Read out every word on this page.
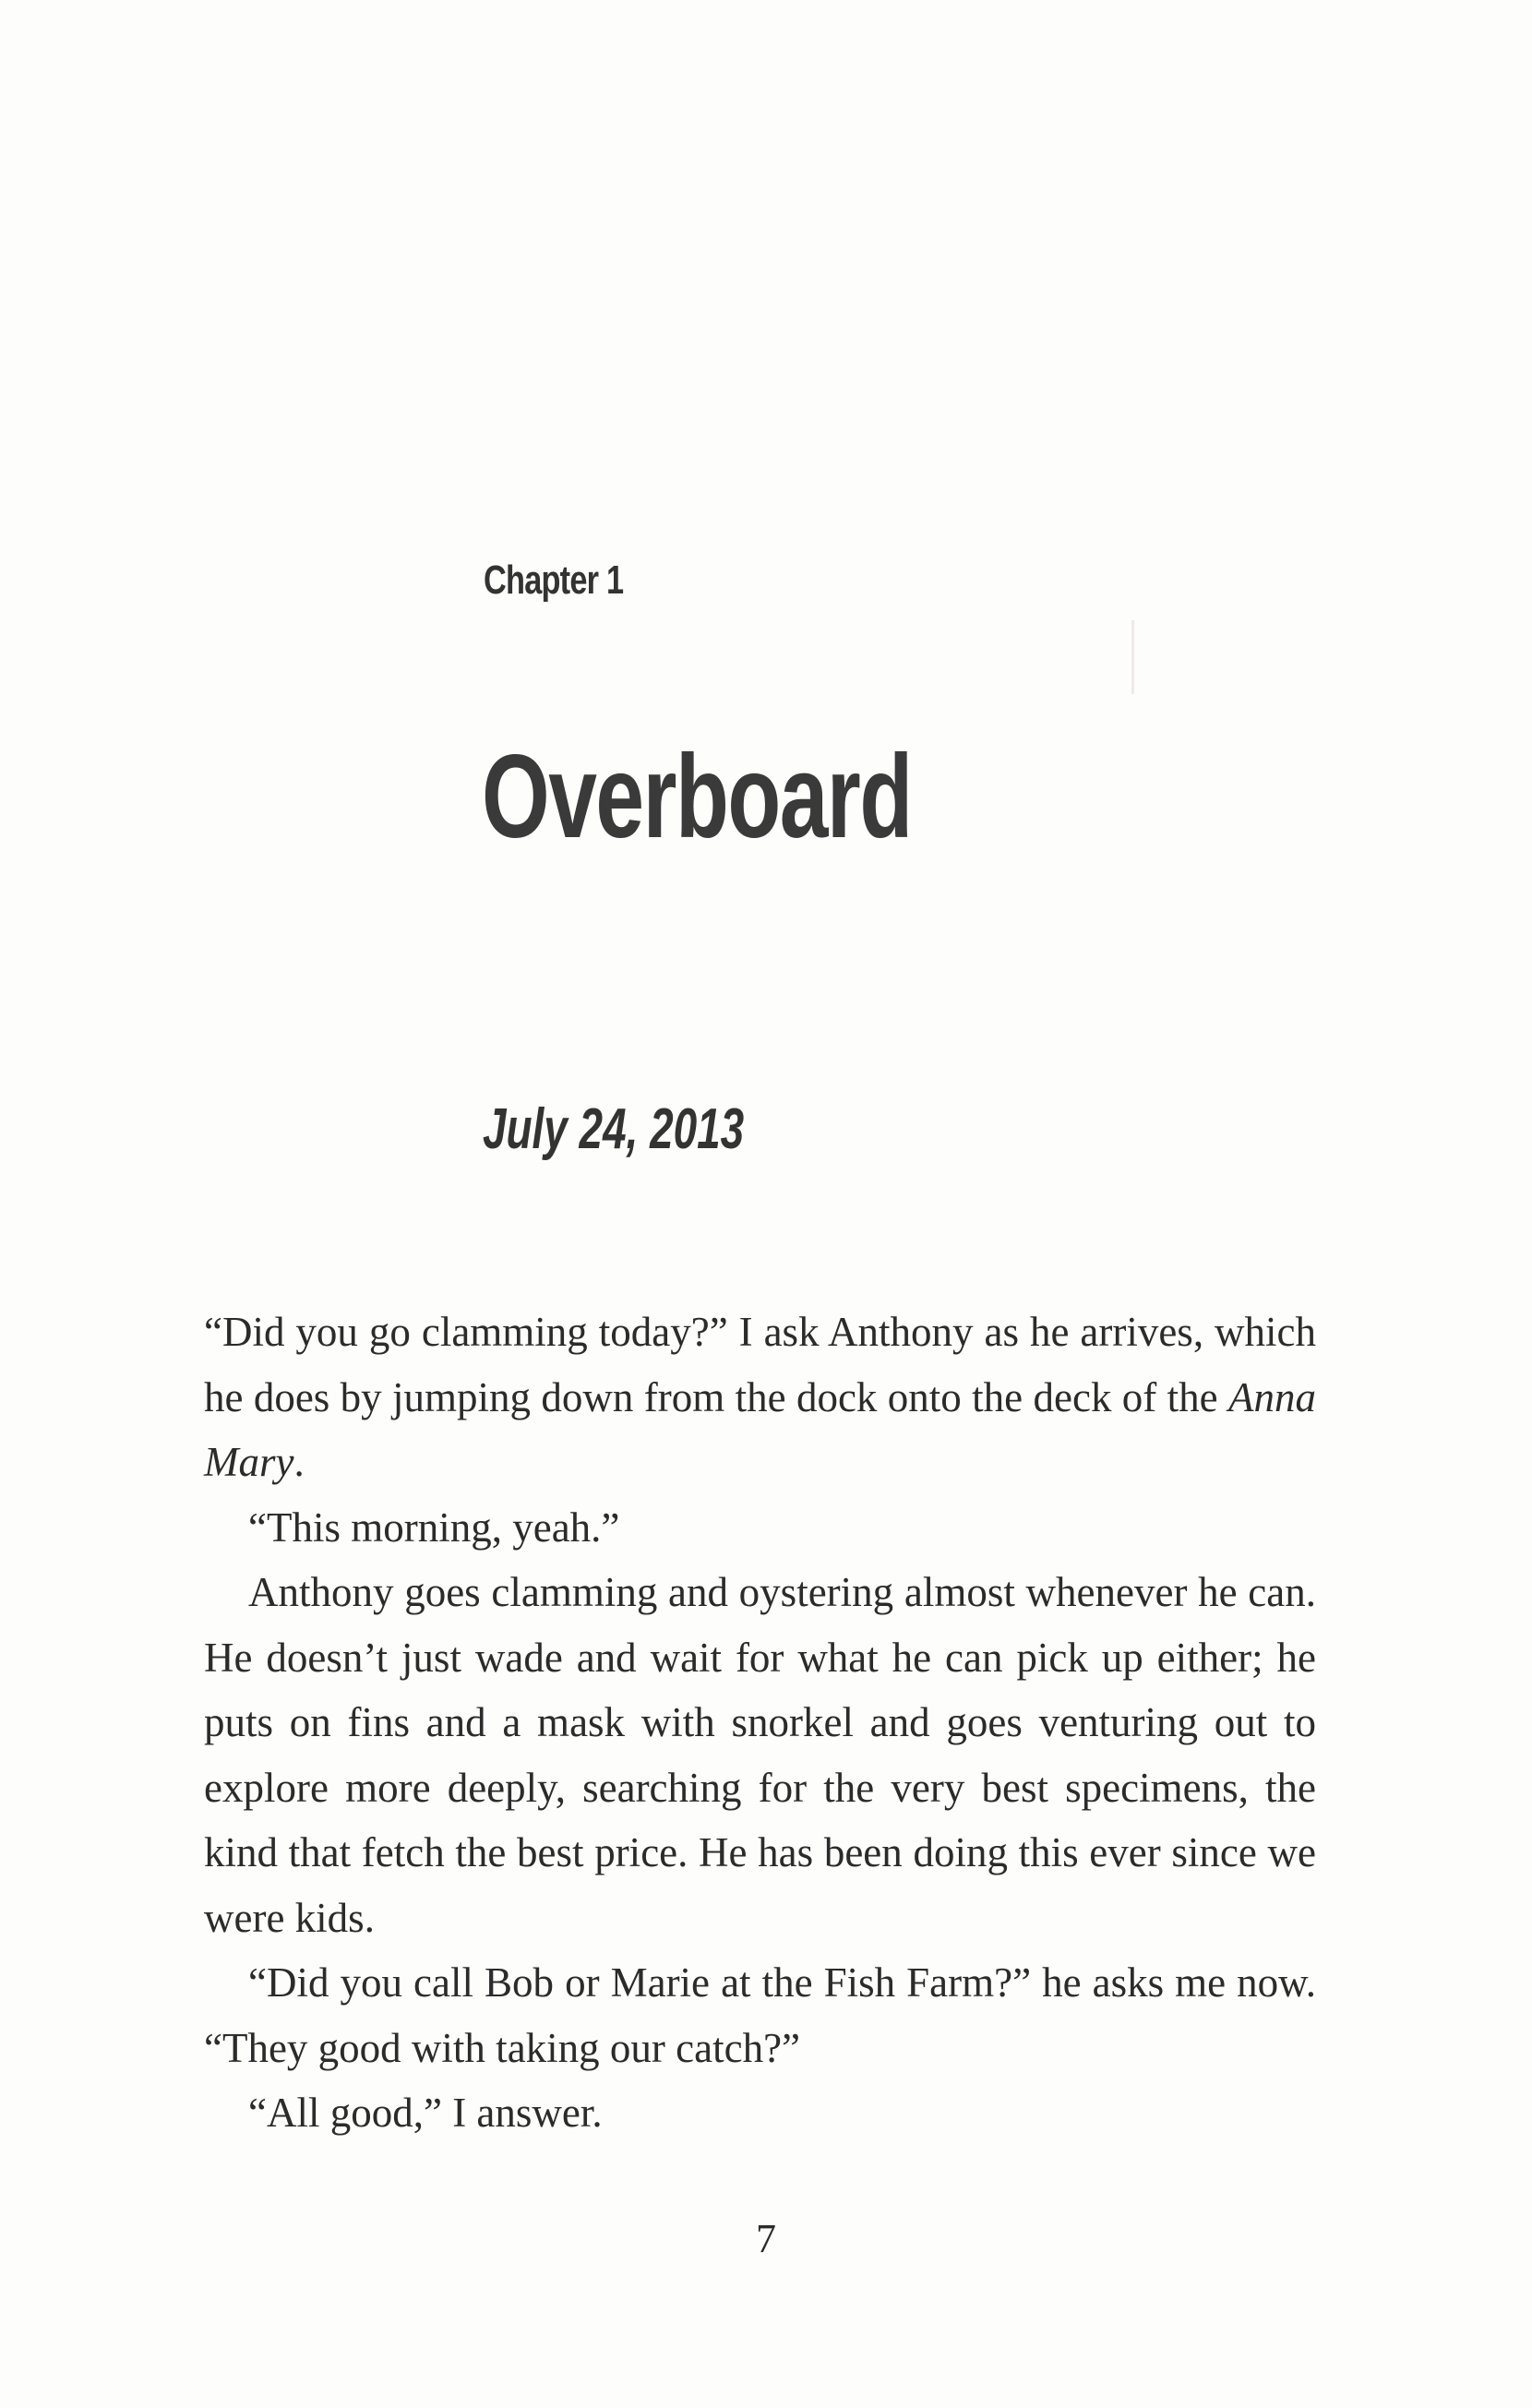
Chapter 1
Overboard
July 24, 2013

“Did you go clamming today?” I ask Anthony as he arrives, which he does by jumping down from the dock onto the deck of the Anna Mary.

“This morning, yeah.”

Anthony goes clamming and oystering almost whenever he can. He doesn’t just wade and wait for what he can pick up either; he puts on fins and a mask with snorkel and goes venturing out to explore more deeply, searching for the very best specimens, the kind that fetch the best price. He has been doing this ever since we were kids.

“Did you call Bob or Marie at the Fish Farm?” he asks me now. “They good with taking our catch?”

“All good,” I answer.

7
